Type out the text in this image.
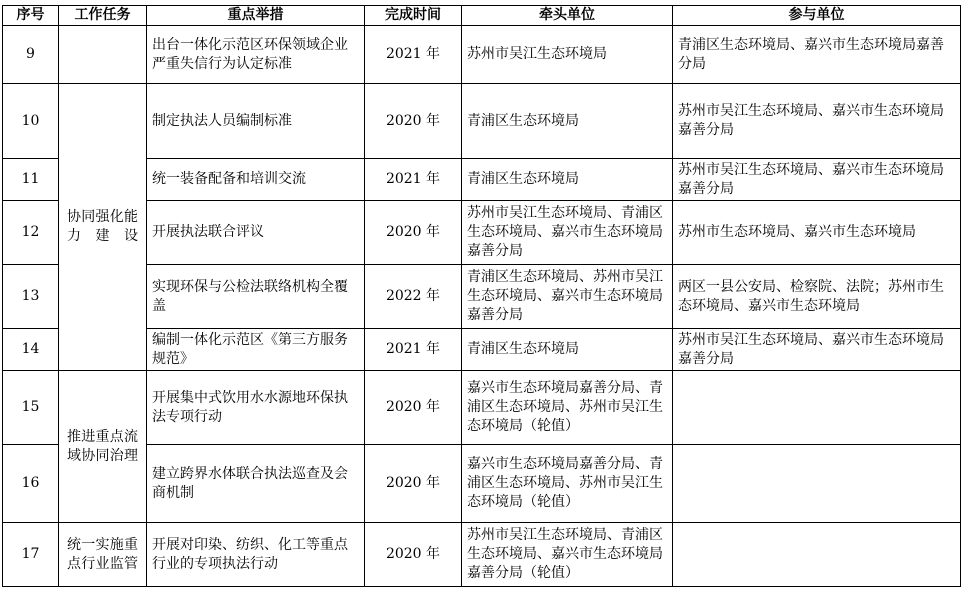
序号	工作任务	重点举措	完成时间	牵头单位	参与单位
9		出台一体化示范区环保领域企业严重失信行为认定标准	2021 年	苏州市吴江生态环境局	青浦区生态环境局、嘉兴市生态环境局嘉善分局
10	协同强化能力建设	制定执法人员编制标准	2020 年	青浦区生态环境局	苏州市吴江生态环境局、嘉兴市生态环境局嘉善分局
11		统一装备配备和培训交流	2021 年	青浦区生态环境局	苏州市吴江生态环境局、嘉兴市生态环境局嘉善分局
12		开展执法联合评议	2020 年	苏州市吴江生态环境局、青浦区生态环境局、嘉兴市生态环境局嘉善分局	苏州市生态环境局、嘉兴市生态环境局
13		实现环保与公检法联络机构全覆盖	2022 年	青浦区生态环境局、苏州市吴江生态环境局、嘉兴市生态环境局嘉善分局	两区一县公安局、检察院、法院；苏州市生态环境局、嘉兴市生态环境局
14		编制一体化示范区《第三方服务规范》	2021 年	青浦区生态环境局	苏州市吴江生态环境局、嘉兴市生态环境局嘉善分局
15	推进重点流域协同治理	开展集中式饮用水水源地环保执法专项行动	2020 年	嘉兴市生态环境局嘉善分局、青浦区生态环境局、苏州市吴江生态环境局（轮值）	
16		建立跨界水体联合执法巡查及会商机制	2020 年	嘉兴市生态环境局嘉善分局、青浦区生态环境局、苏州市吴江生态环境局（轮值）	
17	统一实施重点行业监管	开展对印染、纺织、化工等重点行业的专项执法行动	2020 年	苏州市吴江生态环境局、青浦区生态环境局、嘉兴市生态环境局嘉善分局（轮值）	
